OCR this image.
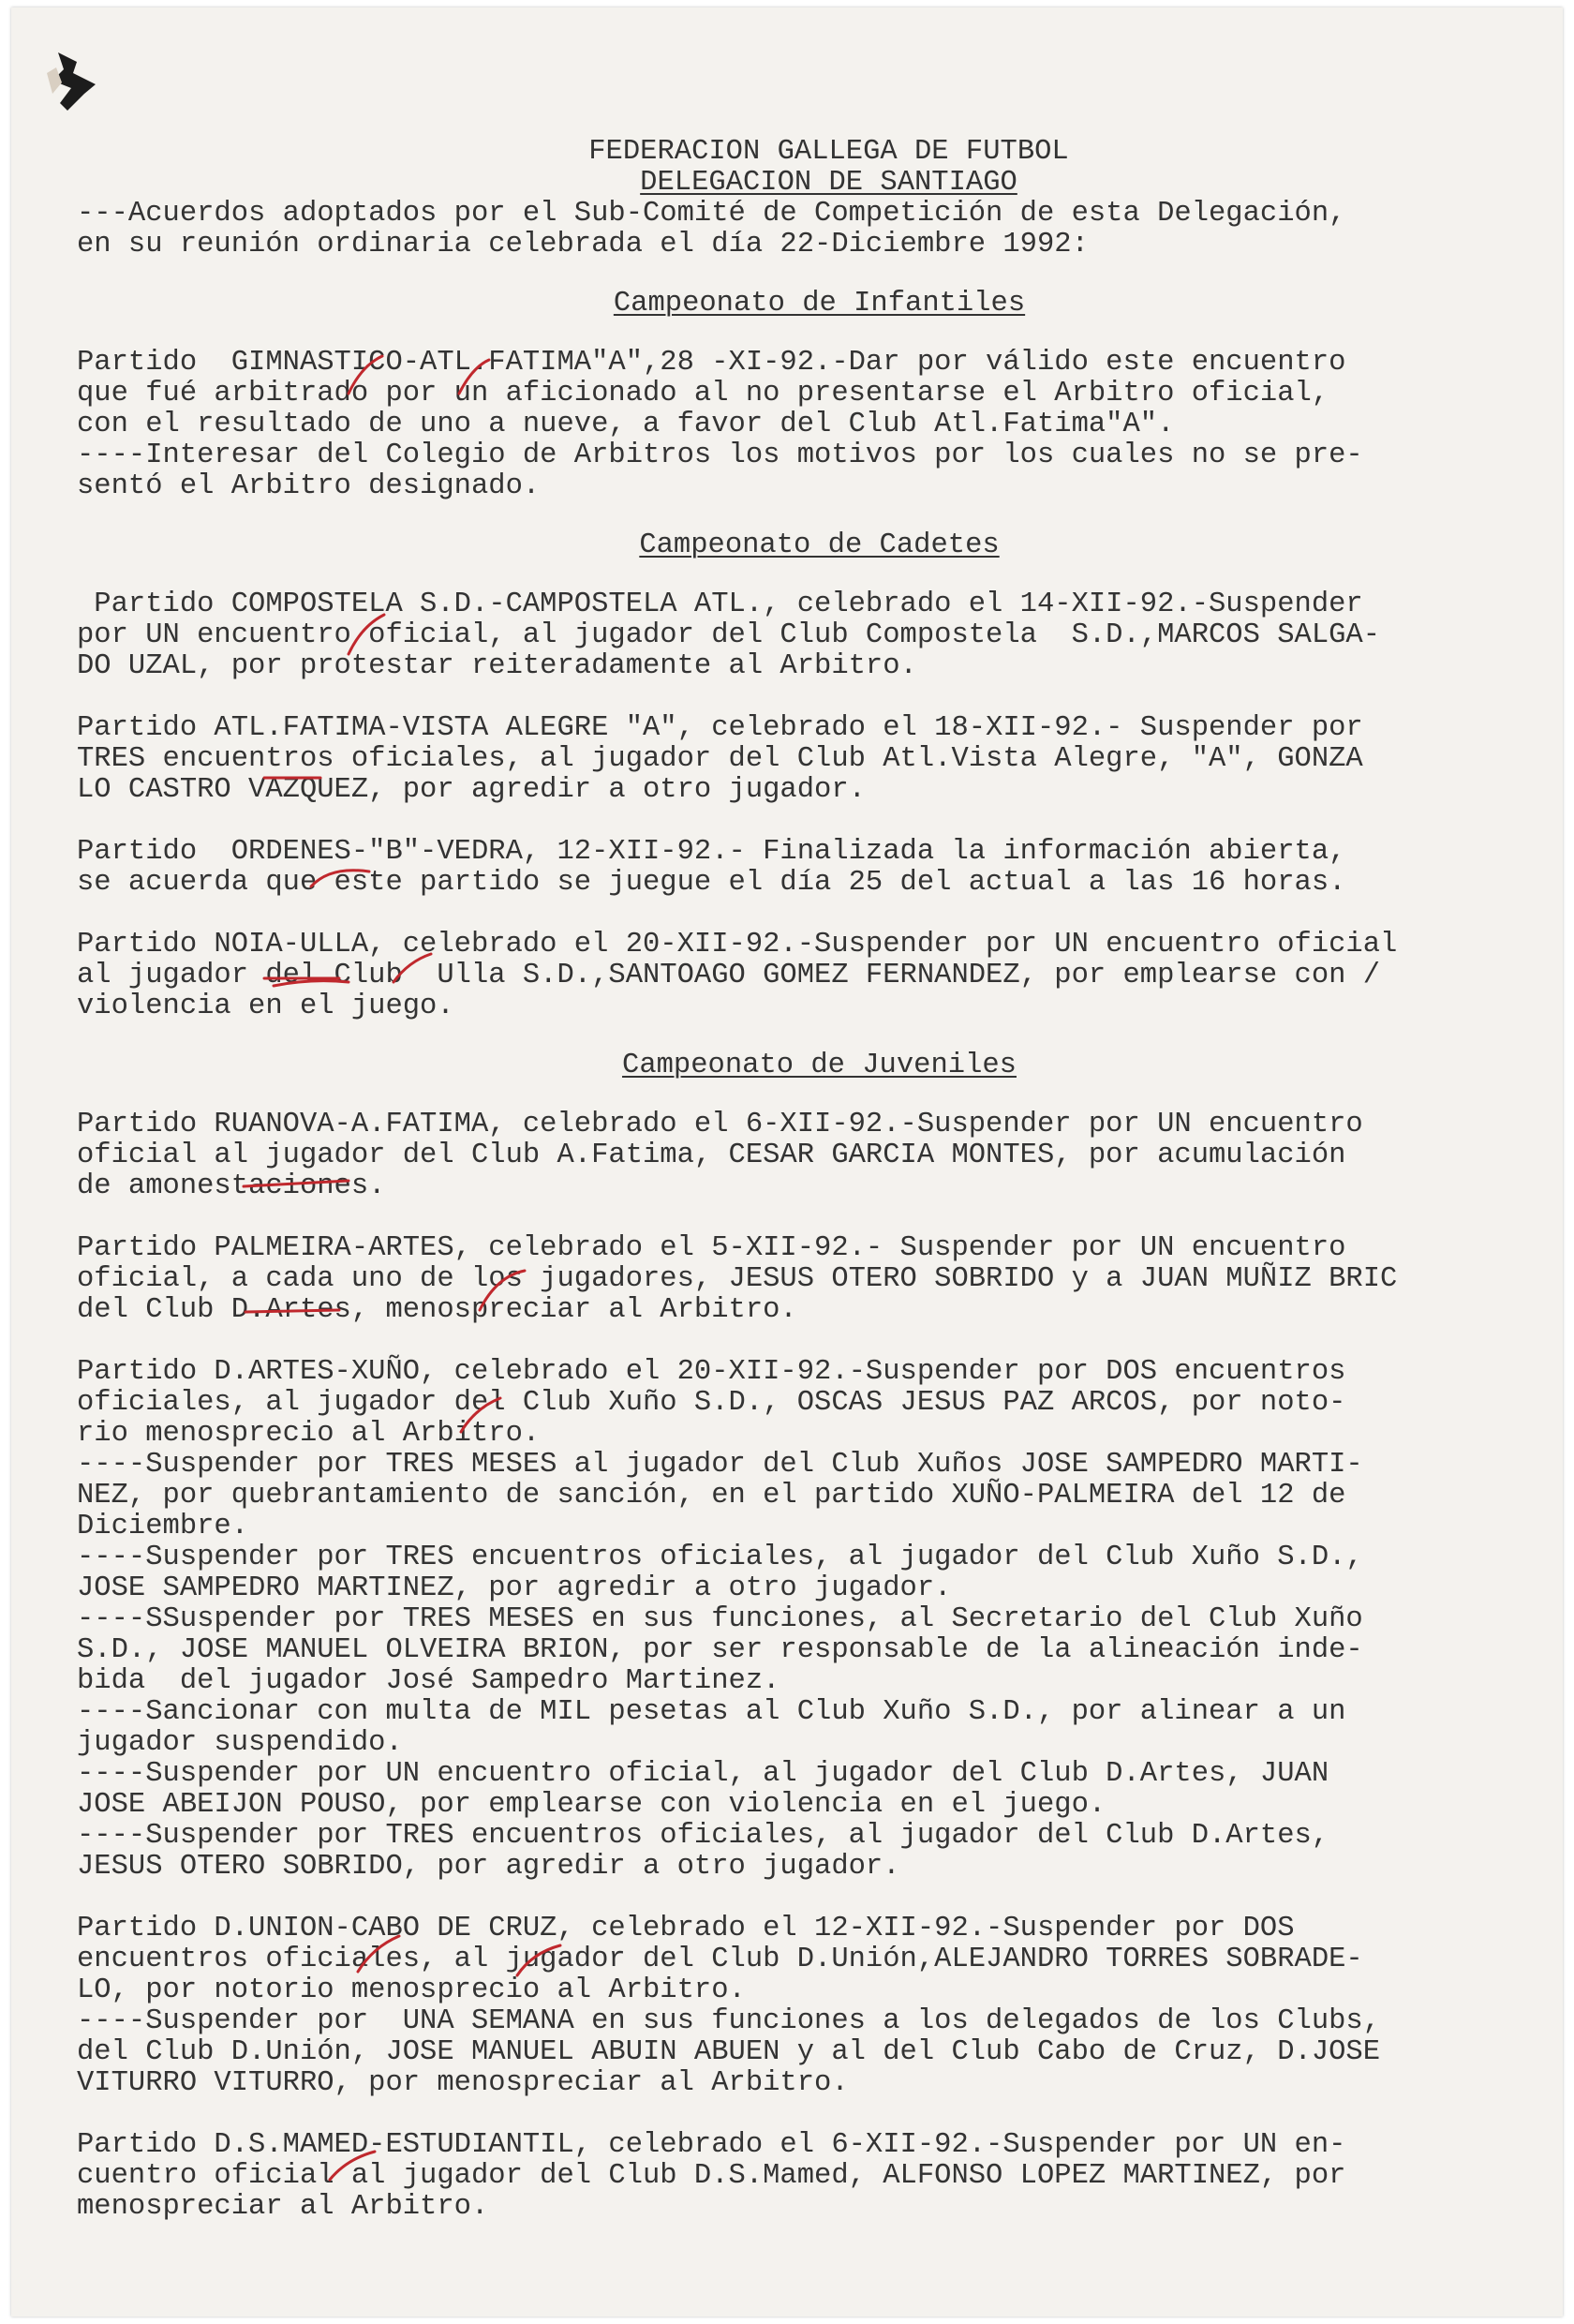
FEDERACION GALLEGA DE FUTBOL
DELEGACION DE SANTIAGO
---Acuerdos adoptados por el Sub-Comité de Competición de esta Delegación,
en su reunión ordinaria celebrada el día 22-Diciembre 1992:
Campeonato de Infantiles
Partido  GIMNASTICO-ATL.FATIMA"A",28 -XI-92.-Dar por válido este encuentro
que fué arbitrado por un aficionado al no presentarse el Arbitro oficial,
con el resultado de uno a nueve, a favor del Club Atl.Fatima"A".
----Interesar del Colegio de Arbitros los motivos por los cuales no se pre-
sentó el Arbitro designado.
Campeonato de Cadetes
Partido COMPOSTELA S.D.-CAMPOSTELA ATL., celebrado el 14-XII-92.-Suspender
por UN encuentro oficial, al jugador del Club Compostela  S.D.,MARCOS SALGA-
DO UZAL, por protestar reiteradamente al Arbitro.
Partido ATL.FATIMA-VISTA ALEGRE "A", celebrado el 18-XII-92.- Suspender por
TRES encuentros oficiales, al jugador del Club Atl.Vista Alegre, "A", GONZA
LO CASTRO VAZQUEZ, por agredir a otro jugador.
Partido  ORDENES-"B"-VEDRA, 12-XII-92.- Finalizada la información abierta,
se acuerda que este partido se juegue el día 25 del actual a las 16 horas.
Partido NOIA-ULLA, celebrado el 20-XII-92.-Suspender por UN encuentro oficial
al jugador del Club  Ulla S.D.,SANTOAGO GOMEZ FERNANDEZ, por emplearse con /
violencia en el juego.
Campeonato de Juveniles
Partido RUANOVA-A.FATIMA, celebrado el 6-XII-92.-Suspender por UN encuentro
oficial al jugador del Club A.Fatima, CESAR GARCIA MONTES, por acumulación
de amonestaciones.
Partido PALMEIRA-ARTES, celebrado el 5-XII-92.- Suspender por UN encuentro
oficial, a cada uno de los jugadores, JESUS OTERO SOBRIDO y a JUAN MUÑIZ BRIC
del Club D.Artes, menospreciar al Arbitro.
Partido D.ARTES-XUÑO, celebrado el 20-XII-92.-Suspender por DOS encuentros
oficiales, al jugador del Club Xuño S.D., OSCAS JESUS PAZ ARCOS, por noto-
rio menosprecio al Arbitro.
----Suspender por TRES MESES al jugador del Club Xuños JOSE SAMPEDRO MARTI-
NEZ, por quebrantamiento de sanción, en el partido XUÑO-PALMEIRA del 12 de
Diciembre.
----Suspender por TRES encuentros oficiales, al jugador del Club Xuño S.D.,
JOSE SAMPEDRO MARTINEZ, por agredir a otro jugador.
----SSuspender por TRES MESES en sus funciones, al Secretario del Club Xuño
S.D., JOSE MANUEL OLVEIRA BRION, por ser responsable de la alineación inde-
bida  del jugador José Sampedro Martinez.
----Sancionar con multa de MIL pesetas al Club Xuño S.D., por alinear a un
jugador suspendido.
----Suspender por UN encuentro oficial, al jugador del Club D.Artes, JUAN
JOSE ABEIJON POUSO, por emplearse con violencia en el juego.
----Suspender por TRES encuentros oficiales, al jugador del Club D.Artes,
JESUS OTERO SOBRIDO, por agredir a otro jugador.
Partido D.UNION-CABO DE CRUZ, celebrado el 12-XII-92.-Suspender por DOS
encuentros oficiales, al jugador del Club D.Unión,ALEJANDRO TORRES SOBRADE-
LO, por notorio menosprecio al Arbitro.
----Suspender por  UNA SEMANA en sus funciones a los delegados de los Clubs,
del Club D.Unión, JOSE MANUEL ABUIN ABUEN y al del Club Cabo de Cruz, D.JOSE
VITURRO VITURRO, por menospreciar al Arbitro.
Partido D.S.MAMED-ESTUDIANTIL, celebrado el 6-XII-92.-Suspender por UN en-
cuentro oficial al jugador del Club D.S.Mamed, ALFONSO LOPEZ MARTINEZ, por
menospreciar al Arbitro.
